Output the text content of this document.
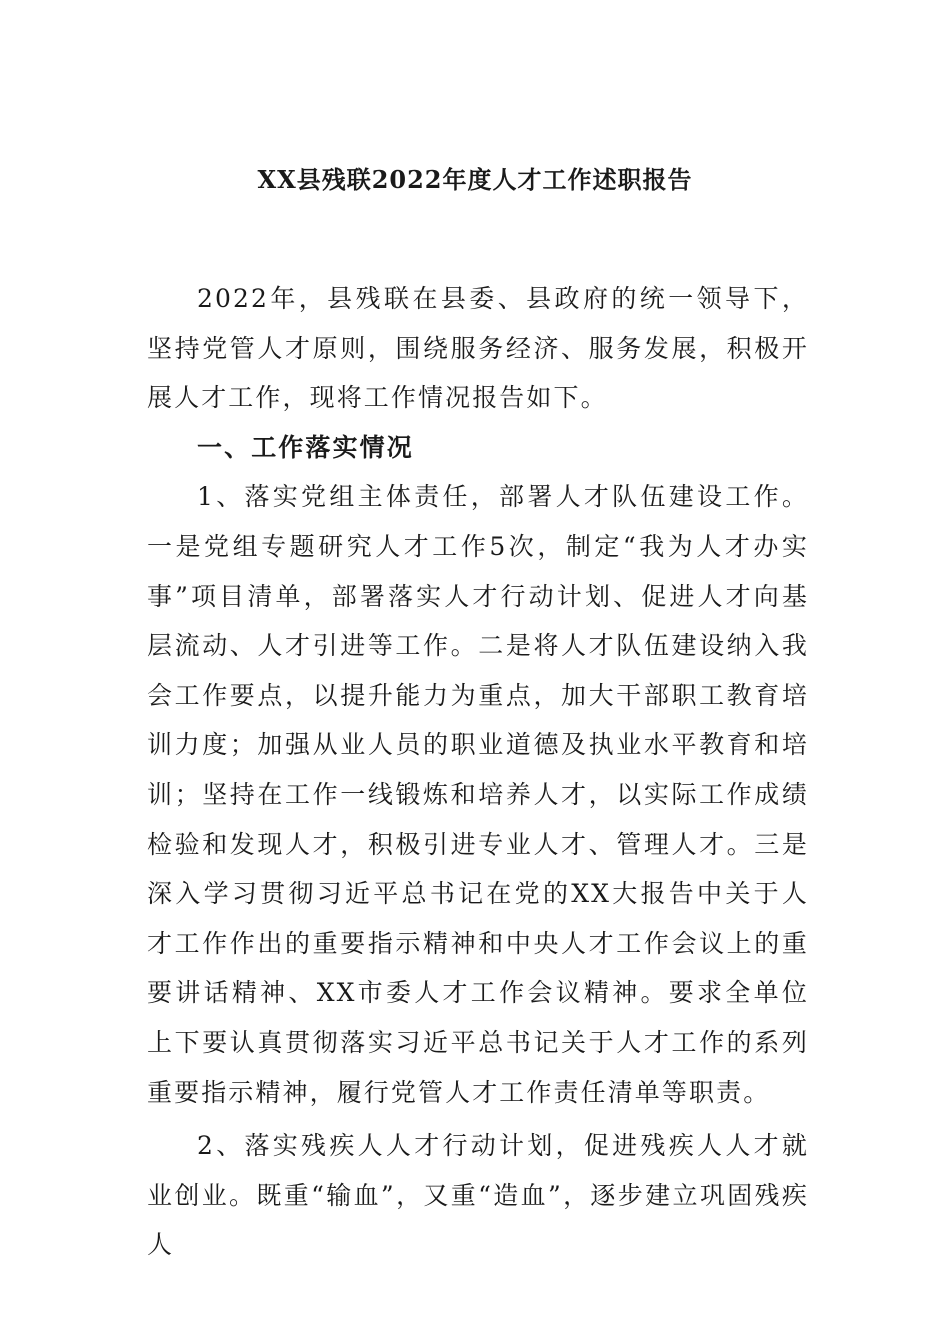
XX县残联2022年度人才工作述职报告

2022年，县残联在县委、县政府的统一领导下，坚持党管人才原则，围绕服务经济、服务发展，积极开展人才工作，现将工作情况报告如下。

一、工作落实情况

1、落实党组主体责任，部署人才队伍建设工作。一是党组专题研究人才工作5次，制定“我为人才办实事”项目清单，部署落实人才行动计划、促进人才向基层流动、人才引进等工作。二是将人才队伍建设纳入我会工作要点，以提升能力为重点，加大干部职工教育培训力度；加强从业人员的职业道德及执业水平教育和培训；坚持在工作一线锻炼和培养人才，以实际工作成绩检验和发现人才，积极引进专业人才、管理人才。三是深入学习贯彻习近平总书记在党的XX大报告中关于人才工作作出的重要指示精神和中央人才工作会议上的重要讲话精神、XX市委人才工作会议精神。要求全单位上下要认真贯彻落实习近平总书记关于人才工作的系列重要指示精神，履行党管人才工作责任清单等职责。

2、落实残疾人人才行动计划，促进残疾人人才就业创业。既重“输血”，又重“造血”，逐步建立巩固残疾人
